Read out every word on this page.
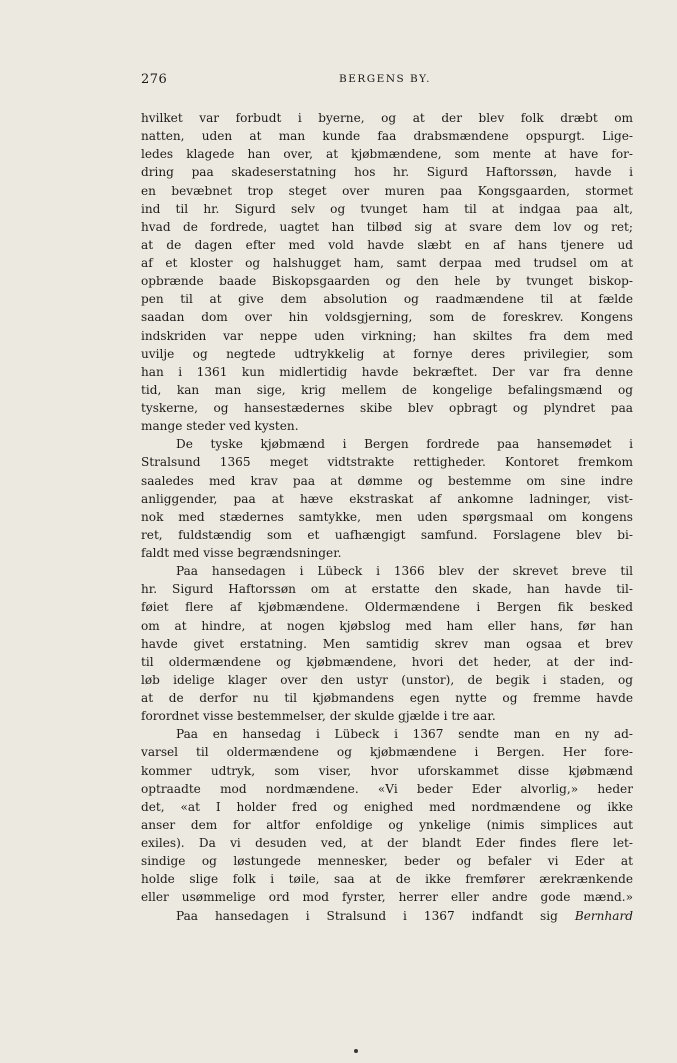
276	BERGENS BY.
hvilket var forbudt i byerne, og at der blev folk dræbt om
natten, uden at man kunde faa drabsmændene opspurgt. Lige-
ledes klagede han over, at kjøbmændene, som mente at have for-
dring paa skadeserstatning hos hr. Sigurd Haftorssøn, havde i
en bevæbnet trop steget over muren paa Kongsgaarden, stormet
ind til hr. Sigurd selv og tvunget ham til at indgaa paa alt,
hvad de fordrede, uagtet han tilbød sig at svare dem lov og ret;
at de dagen efter med vold havde slæbt en af hans tjenere ud
af et kloster og halshugget ham, samt derpaa med trudsel om at
opbrænde baade Biskopsgaarden og den hele by tvunget biskop-
pen til at give dem absolution og raadmændene til at fælde
saadan dom over hin voldsgjerning, som de foreskrev. Kongens
indskriden var neppe uden virkning; han skiltes fra dem med
uvilje og negtede udtrykkelig at fornye deres privilegier, som
han i 1361 kun midlertidig havde bekræftet. Der var fra denne
tid, kan man sige, krig mellem de kongelige befalingsmænd og
tyskerne, og hansestædernes skibe blev opbragt og plyndret paa
mange steder ved kysten.
De tyske kjøbmænd i Bergen fordrede paa hansemødet i
Stralsund 1365 meget vidtstrakte rettigheder. Kontoret fremkom
saaledes med krav paa at dømme og bestemme om sine indre
anliggender, paa at hæve ekstraskat af ankomne ladninger, vist-
nok med stædernes samtykke, men uden spørgsmaal om kongens
ret, fuldstændig som et uafhængigt samfund. Forslagene blev bi-
faldt med visse begrændsninger.
Paa hansedagen i Lübeck i 1366 blev der skrevet breve til
hr. Sigurd Haftorssøn om at erstatte den skade, han havde til-
føiet flere af kjøbmændene. Oldermændene i Bergen fik besked
om at hindre, at nogen kjøbslog med ham eller hans, før han
havde givet erstatning. Men samtidig skrev man ogsaa et brev
til oldermændene og kjøbmændene, hvori det heder, at der ind-
løb idelige klager over den ustyr (unstor), de begik i staden, og
at de derfor nu til kjøbmandens egen nytte og fremme havde
forordnet visse bestemmelser, der skulde gjælde i tre aar.
Paa en hansedag i Lübeck i 1367 sendte man en ny ad-
varsel til oldermændene og kjøbmændene i Bergen. Her fore-
kommer udtryk, som viser, hvor uforskammet disse kjøbmænd
optraadte mod nordmændene. «Vi beder Eder alvorlig,» heder
det, «at I holder fred og enighed med nordmændene og ikke
anser dem for altfor enfoldige og ynkelige (nimis simplices aut
exiles). Da vi desuden ved, at der blandt Eder findes flere let-
sindige og løstungede mennesker, beder og befaler vi Eder at
holde slige folk i tøile, saa at de ikke fremfører ærekrænkende
eller usømmelige ord mod fyrster, herrer eller andre gode mænd.»
Paa hansedagen i Stralsund i 1367 indfandt sig Bernhard
